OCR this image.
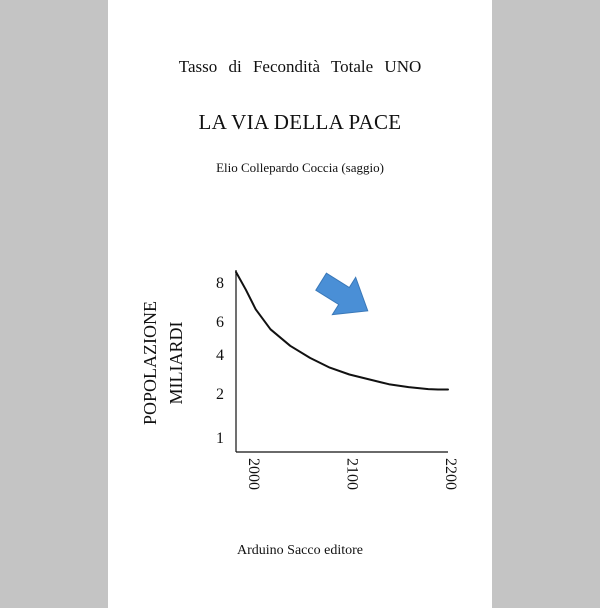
Tasso di Fecondità Totale UNO
LA VIA DELLA PACE
Elio Collepardo Coccia (saggio)
8
6
4
2
1
2000	2100	2200
POPOLAZIONE MILIARDI
Arduino Sacco editore
